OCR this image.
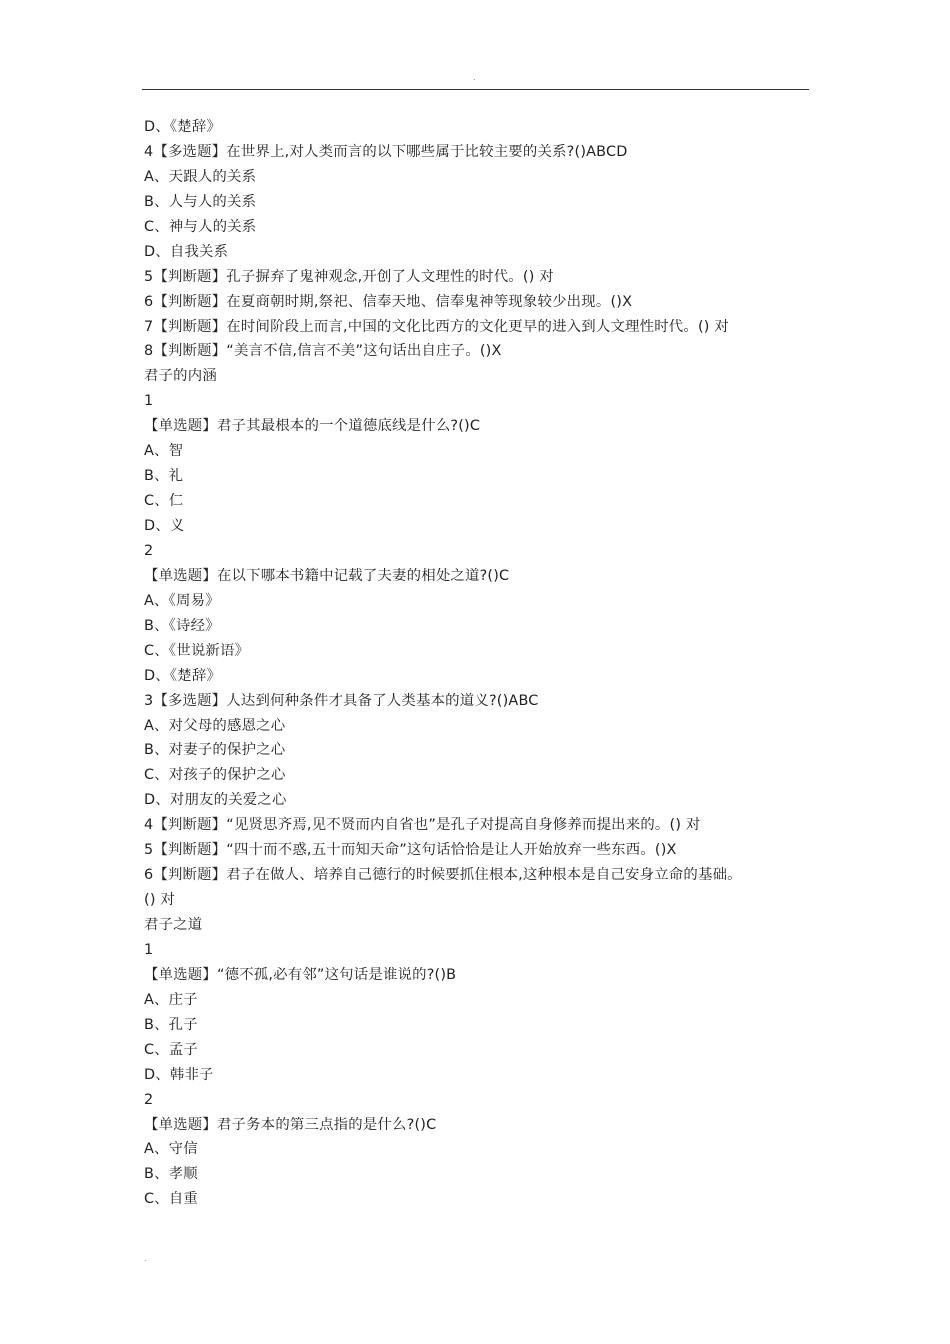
.
D、《楚辞》
4【多选题】在世界上,对人类而言的以下哪些属于比较主要的关系?()ABCD
A、天跟人的关系
B、人与人的关系
C、神与人的关系
D、自我关系
5【判断题】孔子摒弃了鬼神观念,开创了人文理性的时代。() 对
6【判断题】在夏商朝时期,祭祀、信奉天地、信奉鬼神等现象较少出现。()X
7【判断题】在时间阶段上而言,中国的文化比西方的文化更早的进入到人文理性时代。() 对
8【判断题】“美言不信,信言不美”这句话出自庄子。()X
君子的内涵
1
【单选题】君子其最根本的一个道德底线是什么?()C
A、智
B、礼
C、仁
D、义
2
【单选题】在以下哪本书籍中记载了夫妻的相处之道?()C
A、《周易》
B、《诗经》
C、《世说新语》
D、《楚辞》
3【多选题】人达到何种条件才具备了人类基本的道义?()ABC
A、对父母的感恩之心
B、对妻子的保护之心
C、对孩子的保护之心
D、对朋友的关爱之心
4【判断题】“见贤思齐焉,见不贤而内自省也”是孔子对提高自身修养而提出来的。() 对
5【判断题】“四十而不惑,五十而知天命”这句话恰恰是让人开始放弃一些东西。()X
6【判断题】君子在做人、培养自己德行的时候要抓住根本,这种根本是自己安身立命的基础。
() 对
君子之道
1
【单选题】“德不孤,必有邻”这句话是谁说的?()B
A、庄子
B、孔子
C、孟子
D、韩非子
2
【单选题】君子务本的第三点指的是什么?()C
A、守信
B、孝顺
C、自重
.
